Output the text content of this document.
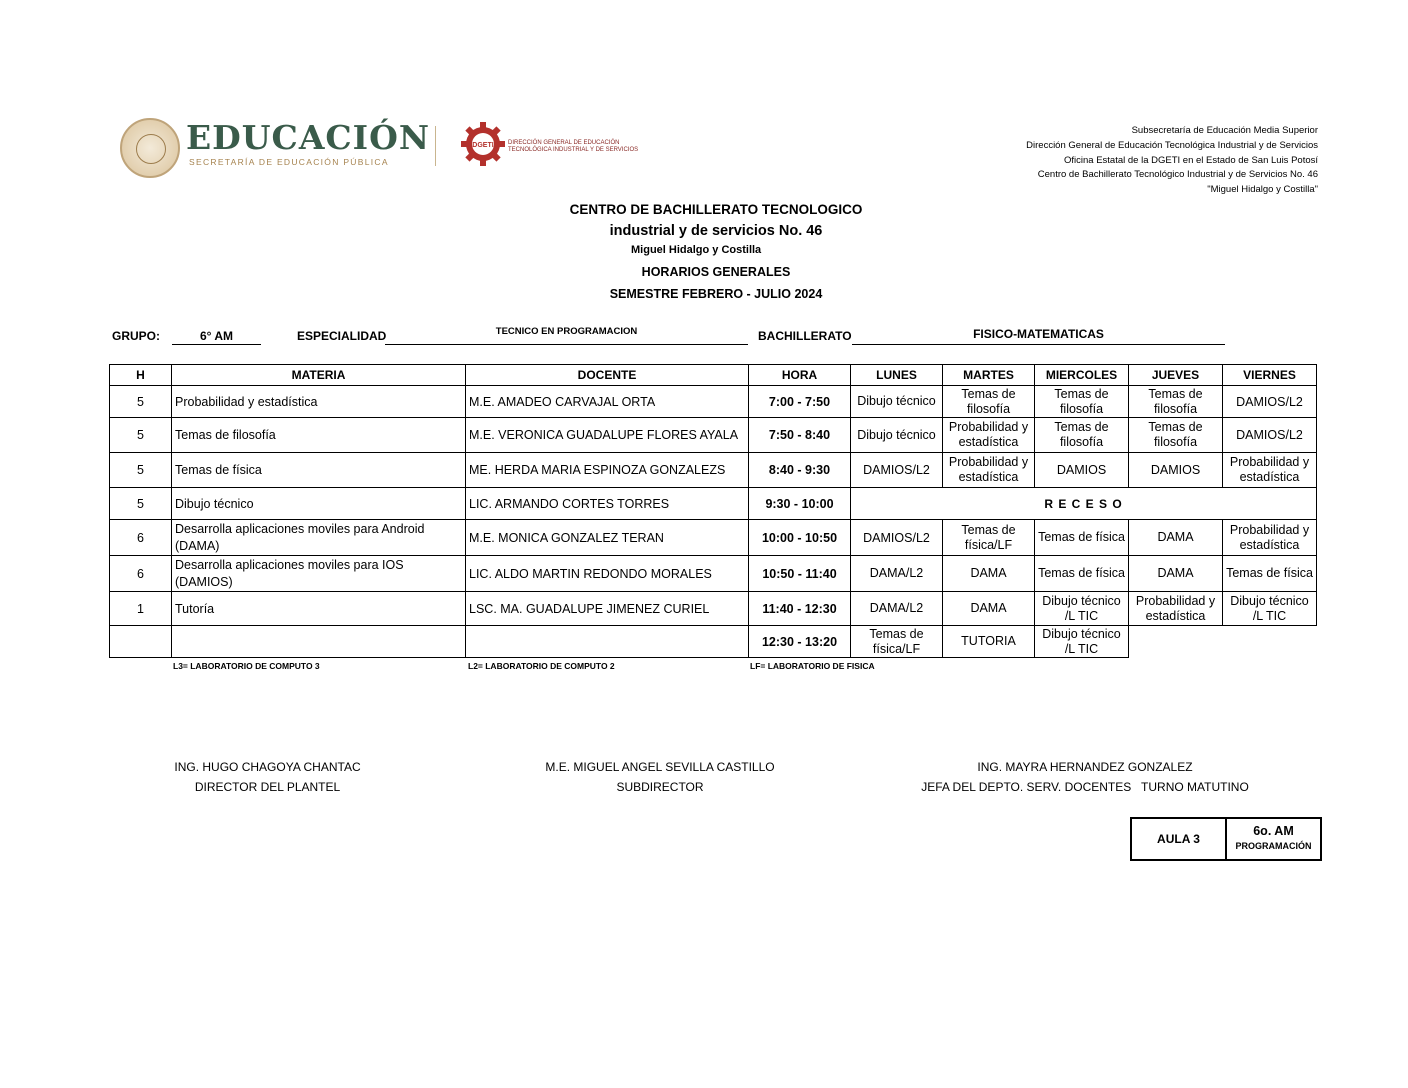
EDUCACIÓN
SECRETARÍA DE EDUCACIÓN PÚBLICA
DGETI DIRECCIÓN GENERAL DE EDUCACIÓN
TECNOLÓGICA INDUSTRIAL Y DE SERVICIOS
Subsecretaría de Educación Media Superior
Dirección General de Educación Tecnológica Industrial y de Servicios
Oficina Estatal de la DGETI en el Estado de San Luis Potosí
Centro de Bachillerato Tecnológico Industrial y de Servicios No. 46
"Miguel Hidalgo y Costilla"
CENTRO DE BACHILLERATO TECNOLOGICO
industrial y de servicios No. 46
Miguel Hidalgo y Costilla
HORARIOS GENERALES
SEMESTRE FEBRERO - JULIO 2024
GRUPO:	6° AM	ESPECIALIDAD	TECNICO EN PROGRAMACION	BACHILLERATO	FISICO-MATEMATICAS
H	MATERIA	DOCENTE	HORA	LUNES	MARTES	MIERCOLES	JUEVES	VIERNES
5	Probabilidad y estadística	M.E. AMADEO CARVAJAL ORTA	7:00 - 7:50	Dibujo técnico	Temas de filosofía	Temas de filosofía	Temas de filosofía	DAMIOS/L2
5	Temas de filosofía	M.E. VERONICA GUADALUPE FLORES AYALA	7:50 - 8:40	Dibujo técnico	Probabilidad y estadística	Temas de filosofía	Temas de filosofía	DAMIOS/L2
5	Temas de física	ME. HERDA MARIA ESPINOZA GONZALEZS	8:40 - 9:30	DAMIOS/L2	Probabilidad y estadística	DAMIOS	DAMIOS	Probabilidad y estadística
5	Dibujo técnico	LIC. ARMANDO CORTES TORRES	9:30 - 10:00	R E C E S O				
6	Desarrolla aplicaciones moviles para Android (DAMA)	M.E. MONICA GONZALEZ TERAN	10:00 - 10:50	DAMIOS/L2	Temas de física/LF	Temas de física	DAMA	Probabilidad y estadística
6	Desarrolla aplicaciones moviles para IOS (DAMIOS)	LIC. ALDO MARTIN REDONDO MORALES	10:50 - 11:40	DAMA/L2	DAMA	Temas de física	DAMA	Temas de física
1	Tutoría	LSC. MA. GUADALUPE JIMENEZ CURIEL	11:40 - 12:30	DAMA/L2	DAMA	Dibujo técnico /L TIC	Probabilidad y estadística	Dibujo técnico /L TIC
			12:30 - 13:20	Temas de física/LF	TUTORIA	Dibujo técnico /L TIC		
L3= LABORATORIO DE COMPUTO 3	L2= LABORATORIO DE COMPUTO 2	LF= LABORATORIO DE FISICA
ING. HUGO CHAGOYA CHANTAC
DIRECTOR DEL PLANTEL
M.E. MIGUEL ANGEL SEVILLA CASTILLO
SUBDIRECTOR
ING. MAYRA HERNANDEZ GONZALEZ
JEFA DEL DEPTO. SERV. DOCENTES   TURNO MATUTINO
AULA 3	
6o. AM
PROGRAMACIÓN
